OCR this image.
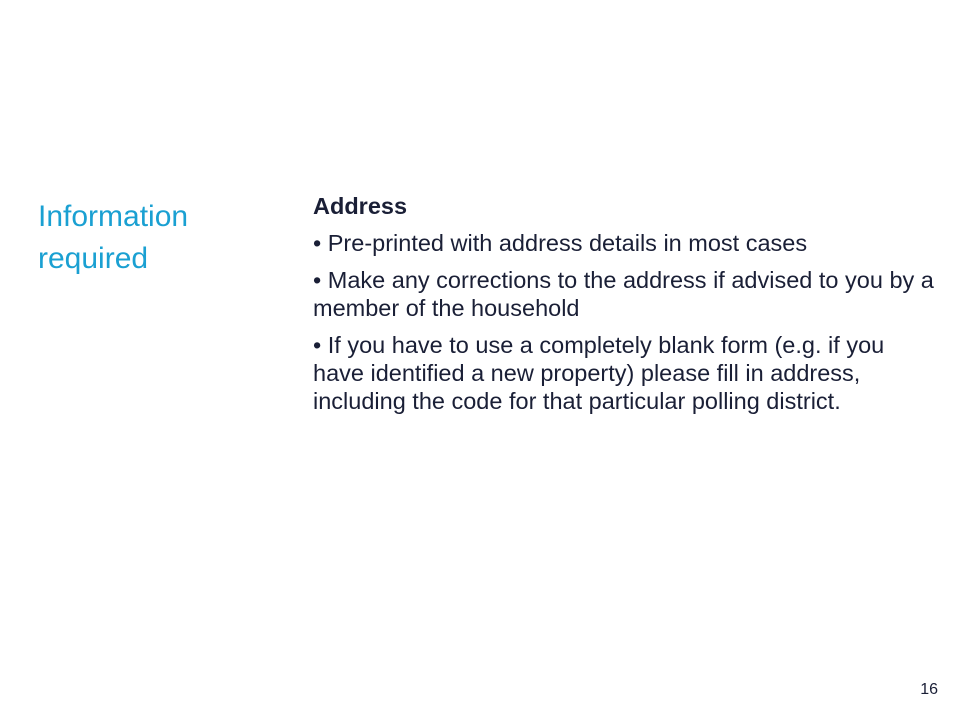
Information
required

Address

• Pre-printed with address details in most cases
• Make any corrections to the address if advised to you by a member of the household
• If you have to use a completely blank form (e.g. if you have identified a new property) please fill in address, including the code for that particular polling district.
16
